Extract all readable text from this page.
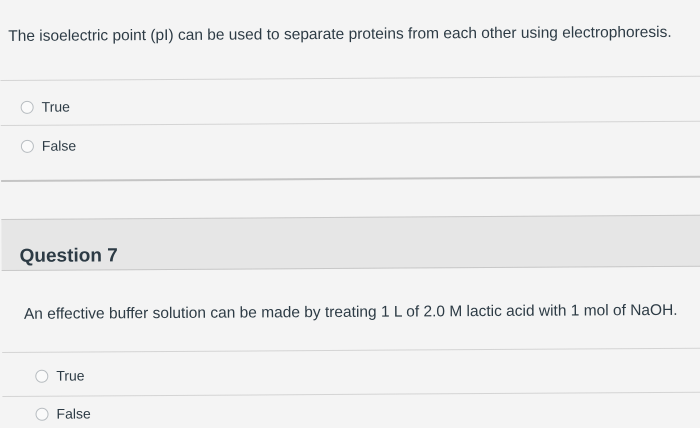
The isoelectric point (pI) can be used to separate proteins from each other using electrophoresis.
True
False
Question 7
An effective buffer solution can be made by treating 1 L of 2.0 M lactic acid with 1 mol of NaOH.
True
False
